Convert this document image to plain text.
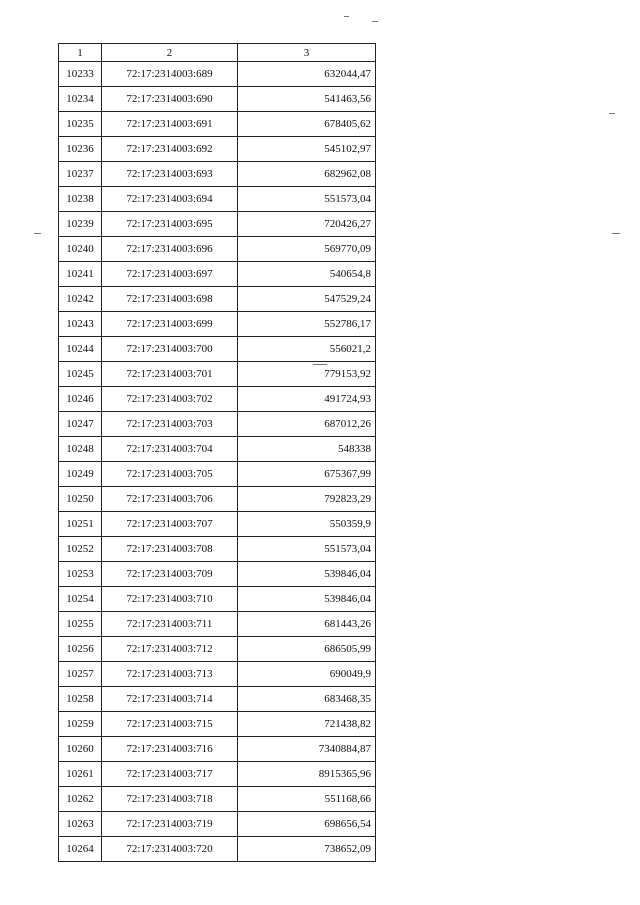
1	2	3
10233	72:17:2314003:689	632044,47
10234	72:17:2314003:690	541463,56
10235	72:17:2314003:691	678405,62
10236	72:17:2314003:692	545102,97
10237	72:17:2314003:693	682962,08
10238	72:17:2314003:694	551573,04
10239	72:17:2314003:695	720426,27
10240	72:17:2314003:696	569770,09
10241	72:17:2314003:697	540654,8
10242	72:17:2314003:698	547529,24
10243	72:17:2314003:699	552786,17
10244	72:17:2314003:700	556021,2
10245	72:17:2314003:701	779153,92
10246	72:17:2314003:702	491724,93
10247	72:17:2314003:703	687012,26
10248	72:17:2314003:704	548338
10249	72:17:2314003:705	675367,99
10250	72:17:2314003:706	792823,29
10251	72:17:2314003:707	550359,9
10252	72:17:2314003:708	551573,04
10253	72:17:2314003:709	539846,04
10254	72:17:2314003:710	539846,04
10255	72:17:2314003:711	681443,26
10256	72:17:2314003:712	686505,99
10257	72:17:2314003:713	690049,9
10258	72:17:2314003:714	683468,35
10259	72:17:2314003:715	721438,82
10260	72:17:2314003:716	7340884,87
10261	72:17:2314003:717	8915365,96
10262	72:17:2314003:718	551168,66
10263	72:17:2314003:719	698656,54
10264	72:17:2314003:720	738652,09
